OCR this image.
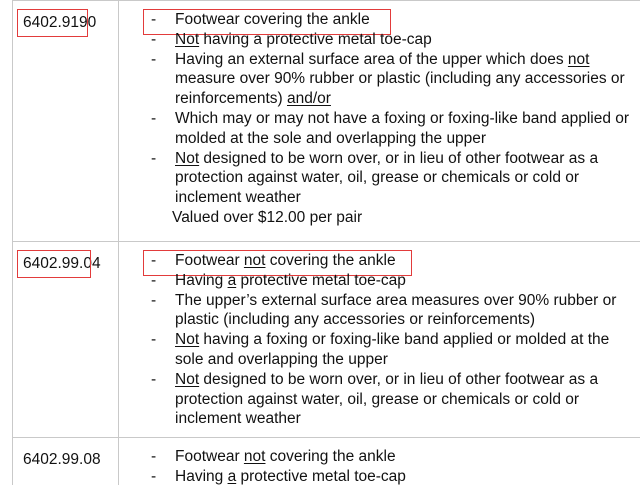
6402.9190	- Footwear covering the ankle
- Not having a protective metal toe-cap
- Having an external surface area of the upper which does not measure over 90% rubber or plastic (including any accessories or reinforcements) and/or
- Which may or may not have a foxing or foxing-like band applied or molded at the sole and overlapping the upper
- Not designed to be worn over, or in lieu of other footwear as a protection against water, oil, grease or chemicals or cold or inclement weather
Valued over $12.00 per pair
6402.99.04	- Footwear not covering the ankle
- Having a protective metal toe-cap
- The upper’s external surface area measures over 90% rubber or plastic (including any accessories or reinforcements)
- Not having a foxing or foxing-like band applied or molded at the sole and overlapping the upper
- Not designed to be worn over, or in lieu of other footwear as a protection against water, oil, grease or chemicals or cold or inclement weather
6402.99.08	- Footwear not covering the ankle
- Having a protective metal toe-cap
